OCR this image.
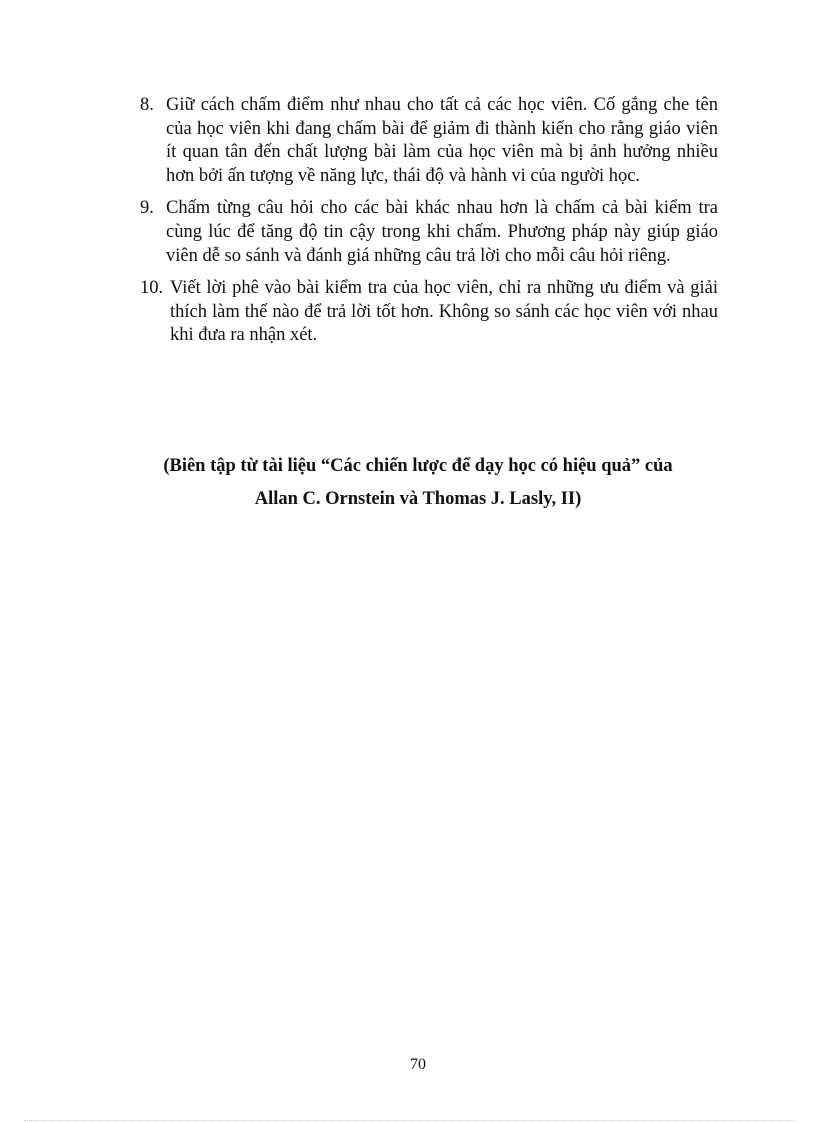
8. Giữ cách chấm điểm như nhau cho tất cả các học viên. Cố gắng che tên của học viên khi đang chấm bài để giảm đi thành kiến cho rằng giáo viên ít quan tân đến chất lượng bài làm của học viên mà bị ảnh hưởng nhiều hơn bởi ấn tượng về năng lực, thái độ và hành vi của người học.
9. Chấm từng câu hỏi cho các bài khác nhau hơn là chấm cả bài kiểm tra cùng lúc để tăng độ tin cậy trong khi chấm. Phương pháp này giúp giáo viên dễ so sánh và đánh giá những câu trả lời cho mỗi câu hỏi riêng.
10. Viết lời phê vào bài kiểm tra của học viên, chỉ ra những ưu điểm và giải thích làm thế nào để trả lời tốt hơn. Không so sánh các học viên với nhau khi đưa ra nhận xét.
(Biên tập từ tài liệu “Các chiến lược để dạy học có hiệu quả” của
Allan C. Ornstein và Thomas J. Lasly, II)
70
